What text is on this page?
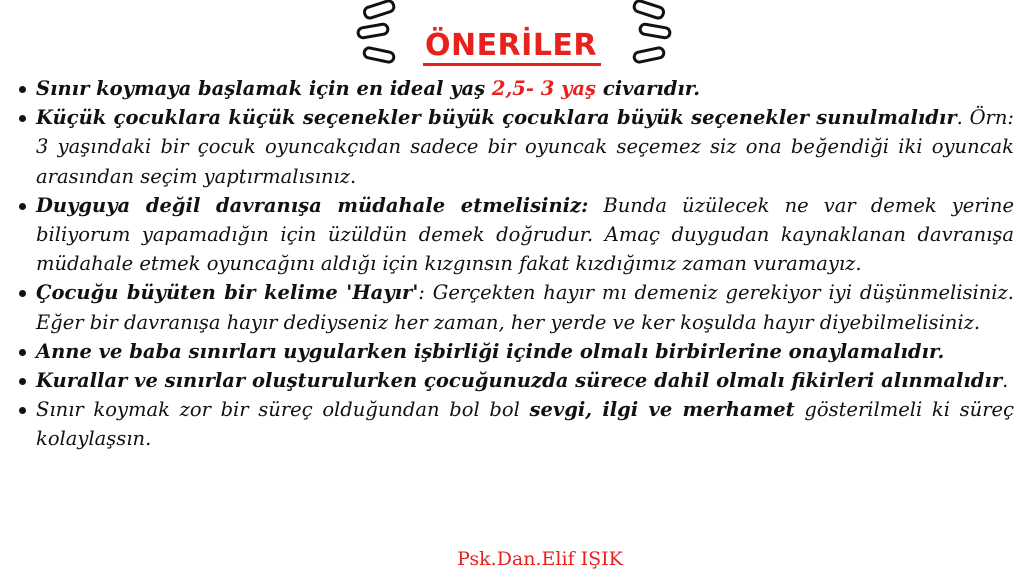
ÖNERİLER
Sınır koymaya başlamak için en ideal yaş 2,5- 3 yaş civarıdır.
Küçük çocuklara küçük seçenekler büyük çocuklara büyük seçenekler sunulmalıdır. Örn: 3 yaşındaki bir çocuk oyuncakçıdan sadece bir oyuncak seçemez siz ona beğendiği iki oyuncak arasından seçim yaptırmalısınız.
Duyguya değil davranışa müdahale etmelisiniz: Bunda üzülecek ne var demek yerine biliyorum yapamadığın için üzüldün demek doğrudur. Amaç duygudan kaynaklanan davranışa müdahale etmek oyuncağını aldığı için kızgınsın fakat kızdığımız zaman vuramayız.
Çocuğu büyüten bir kelime 'Hayır': Gerçekten hayır mı demeniz gerekiyor iyi düşünmelisiniz. Eğer bir davranışa hayır dediyseniz her zaman, her yerde ve ker koşulda hayır diyebilmelisiniz.
Anne ve baba sınırları uygularken işbirliği içinde olmalı birbirlerine onaylamalıdır.
Kurallar ve sınırlar oluşturulurken çocuğunuzda sürece dahil olmalı fikirleri alınmalıdır.
Sınır koymak zor bir süreç olduğundan bol bol sevgi, ilgi ve merhamet gösterilmeli ki süreç kolaylaşsın.
Psk.Dan.Elif IŞIK
